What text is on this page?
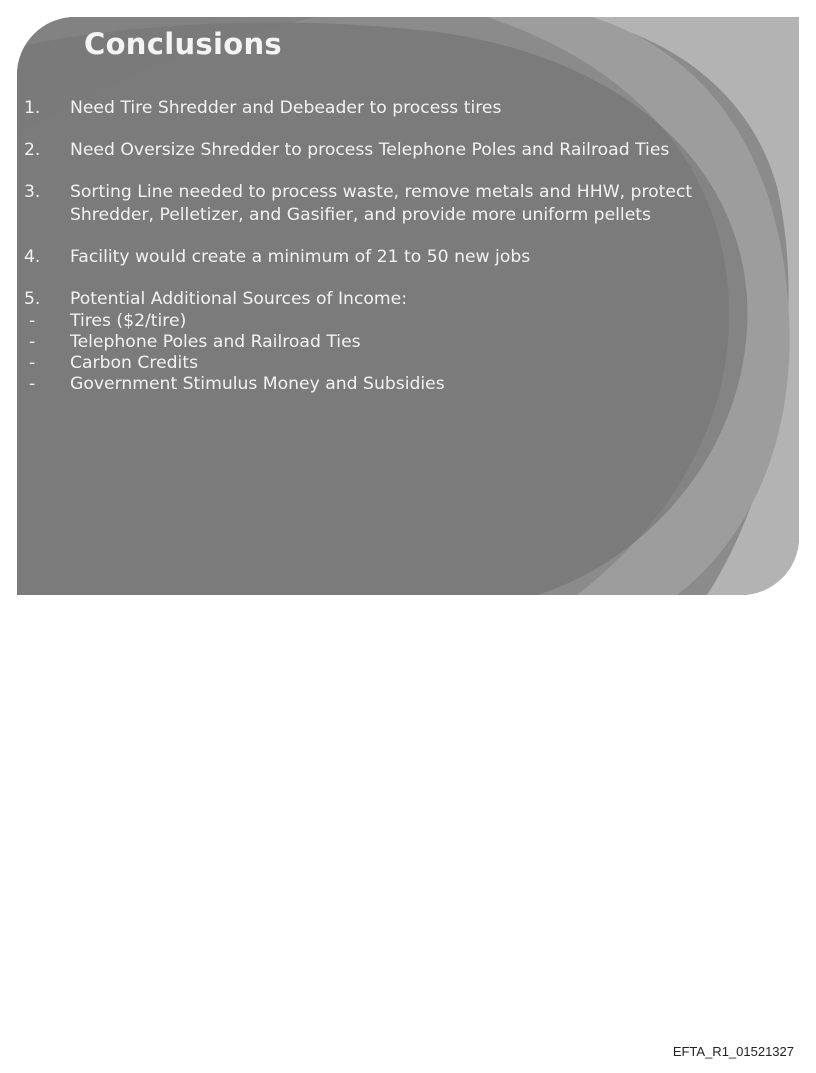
Conclusions
1. Need Tire Shredder and Debeader to process tires
2. Need Oversize Shredder to process Telephone Poles and Railroad Ties
3. Sorting Line needed to process waste, remove metals and HHW, protect
Shredder, Pelletizer, and Gasifier, and provide more uniform pellets
4. Facility would create a minimum of 21 to 50 new jobs
5. Potential Additional Sources of Income:
- Tires ($2/tire)
- Telephone Poles and Railroad Ties
- Carbon Credits
- Government Stimulus Money and Subsidies
EFTA_R1_01521327
